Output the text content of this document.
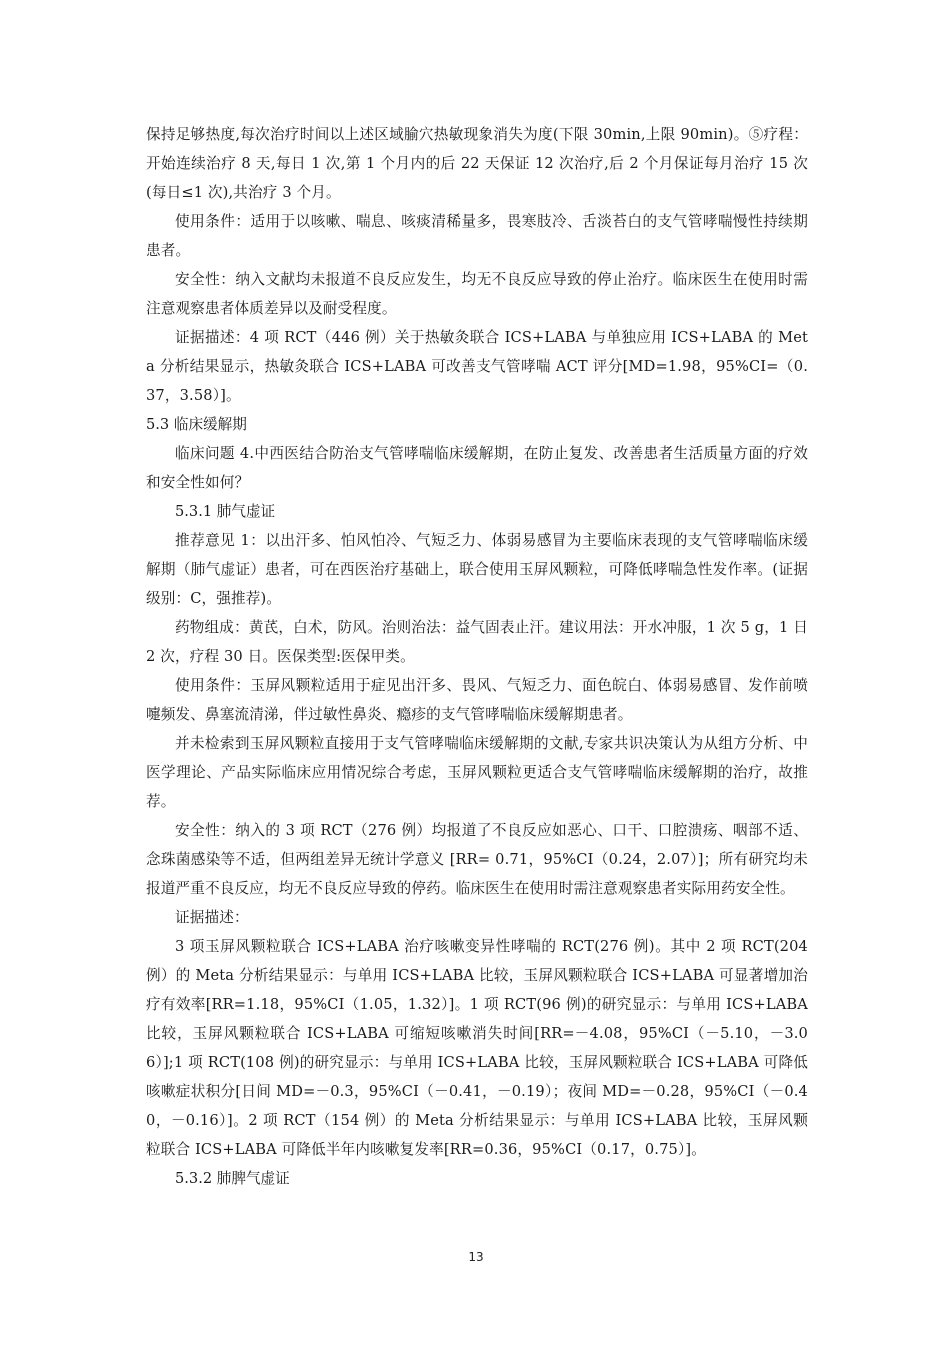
保持足够热度,每次治疗时间以上述区域腧穴热敏现象消失为度(下限 30min,上限 90min)。⑤疗程：开始连续治疗 8 天,每日 1 次,第 1 个月内的后 22 天保证 12 次治疗,后 2 个月保证每月治疗 15 次(每日≤1 次),共治疗 3 个月。

使用条件：适用于以咳嗽、喘息、咳痰清稀量多，畏寒肢冷、舌淡苔白的支气管哮喘慢性持续期患者。

安全性：纳入文献均未报道不良反应发生，均无不良反应导致的停止治疗。临床医生在使用时需注意观察患者体质差异以及耐受程度。

证据描述：4 项 RCT（446 例）关于热敏灸联合 ICS+LABA 与单独应用 ICS+LABA 的 Meta 分析结果显示，热敏灸联合 ICS+LABA 可改善支气管哮喘 ACT 评分[MD=1.98，95%CI=（0.37，3.58）]。

5.3 临床缓解期

临床问题 4.中西医结合防治支气管哮喘临床缓解期，在防止复发、改善患者生活质量方面的疗效和安全性如何？

5.3.1 肺气虚证

推荐意见 1：以出汗多、怕风怕冷、气短乏力、体弱易感冒为主要临床表现的支气管哮喘临床缓解期（肺气虚证）患者，可在西医治疗基础上，联合使用玉屏风颗粒，可降低哮喘急性发作率。(证据级别：C，强推荐)。

药物组成：黄芪，白术，防风。治则治法：益气固表止汗。建议用法：开水冲服，1 次 5 g，1 日 2 次，疗程 30 日。医保类型:医保甲类。

使用条件：玉屏风颗粒适用于症见出汗多、畏风、气短乏力、面色皖白、体弱易感冒、发作前喷嚏频发、鼻塞流清涕，伴过敏性鼻炎、瘾疹的支气管哮喘临床缓解期患者。

并未检索到玉屏风颗粒直接用于支气管哮喘临床缓解期的文献,专家共识决策认为从组方分析、中医学理论、产品实际临床应用情况综合考虑，玉屏风颗粒更适合支气管哮喘临床缓解期的治疗，故推荐。

安全性：纳入的 3 项 RCT（276 例）均报道了不良反应如恶心、口干、口腔溃疡、咽部不适、念珠菌感染等不适，但两组差异无统计学意义 [RR= 0.71，95%CI（0.24，2.07）]；所有研究均未报道严重不良反应，均无不良反应导致的停药。临床医生在使用时需注意观察患者实际用药安全性。

证据描述：

3 项玉屏风颗粒联合 ICS+LABA 治疗咳嗽变异性哮喘的 RCT(276 例)。其中 2 项 RCT(204 例）的 Meta 分析结果显示：与单用 ICS+LABA 比较，玉屏风颗粒联合 ICS+LABA 可显著增加治疗有效率[RR=1.18，95%CI（1.05，1.32）]。1 项 RCT(96 例)的研究显示：与单用 ICS+LABA 比较，玉屏风颗粒联合 ICS+LABA 可缩短咳嗽消失时间[RR=－4.08，95%CI（－5.10，－3.06）];1 项 RCT(108 例)的研究显示：与单用 ICS+LABA 比较，玉屏风颗粒联合 ICS+LABA 可降低咳嗽症状积分[日间 MD=－0.3，95%CI（－0.41，－0.19）；夜间 MD=－0.28，95%CI（－0.40，－0.16）]。2 项 RCT（154 例）的 Meta 分析结果显示：与单用 ICS+LABA 比较，玉屏风颗粒联合 ICS+LABA 可降低半年内咳嗽复发率[RR=0.36，95%CI（0.17，0.75）]。

5.3.2 肺脾气虚证

13
